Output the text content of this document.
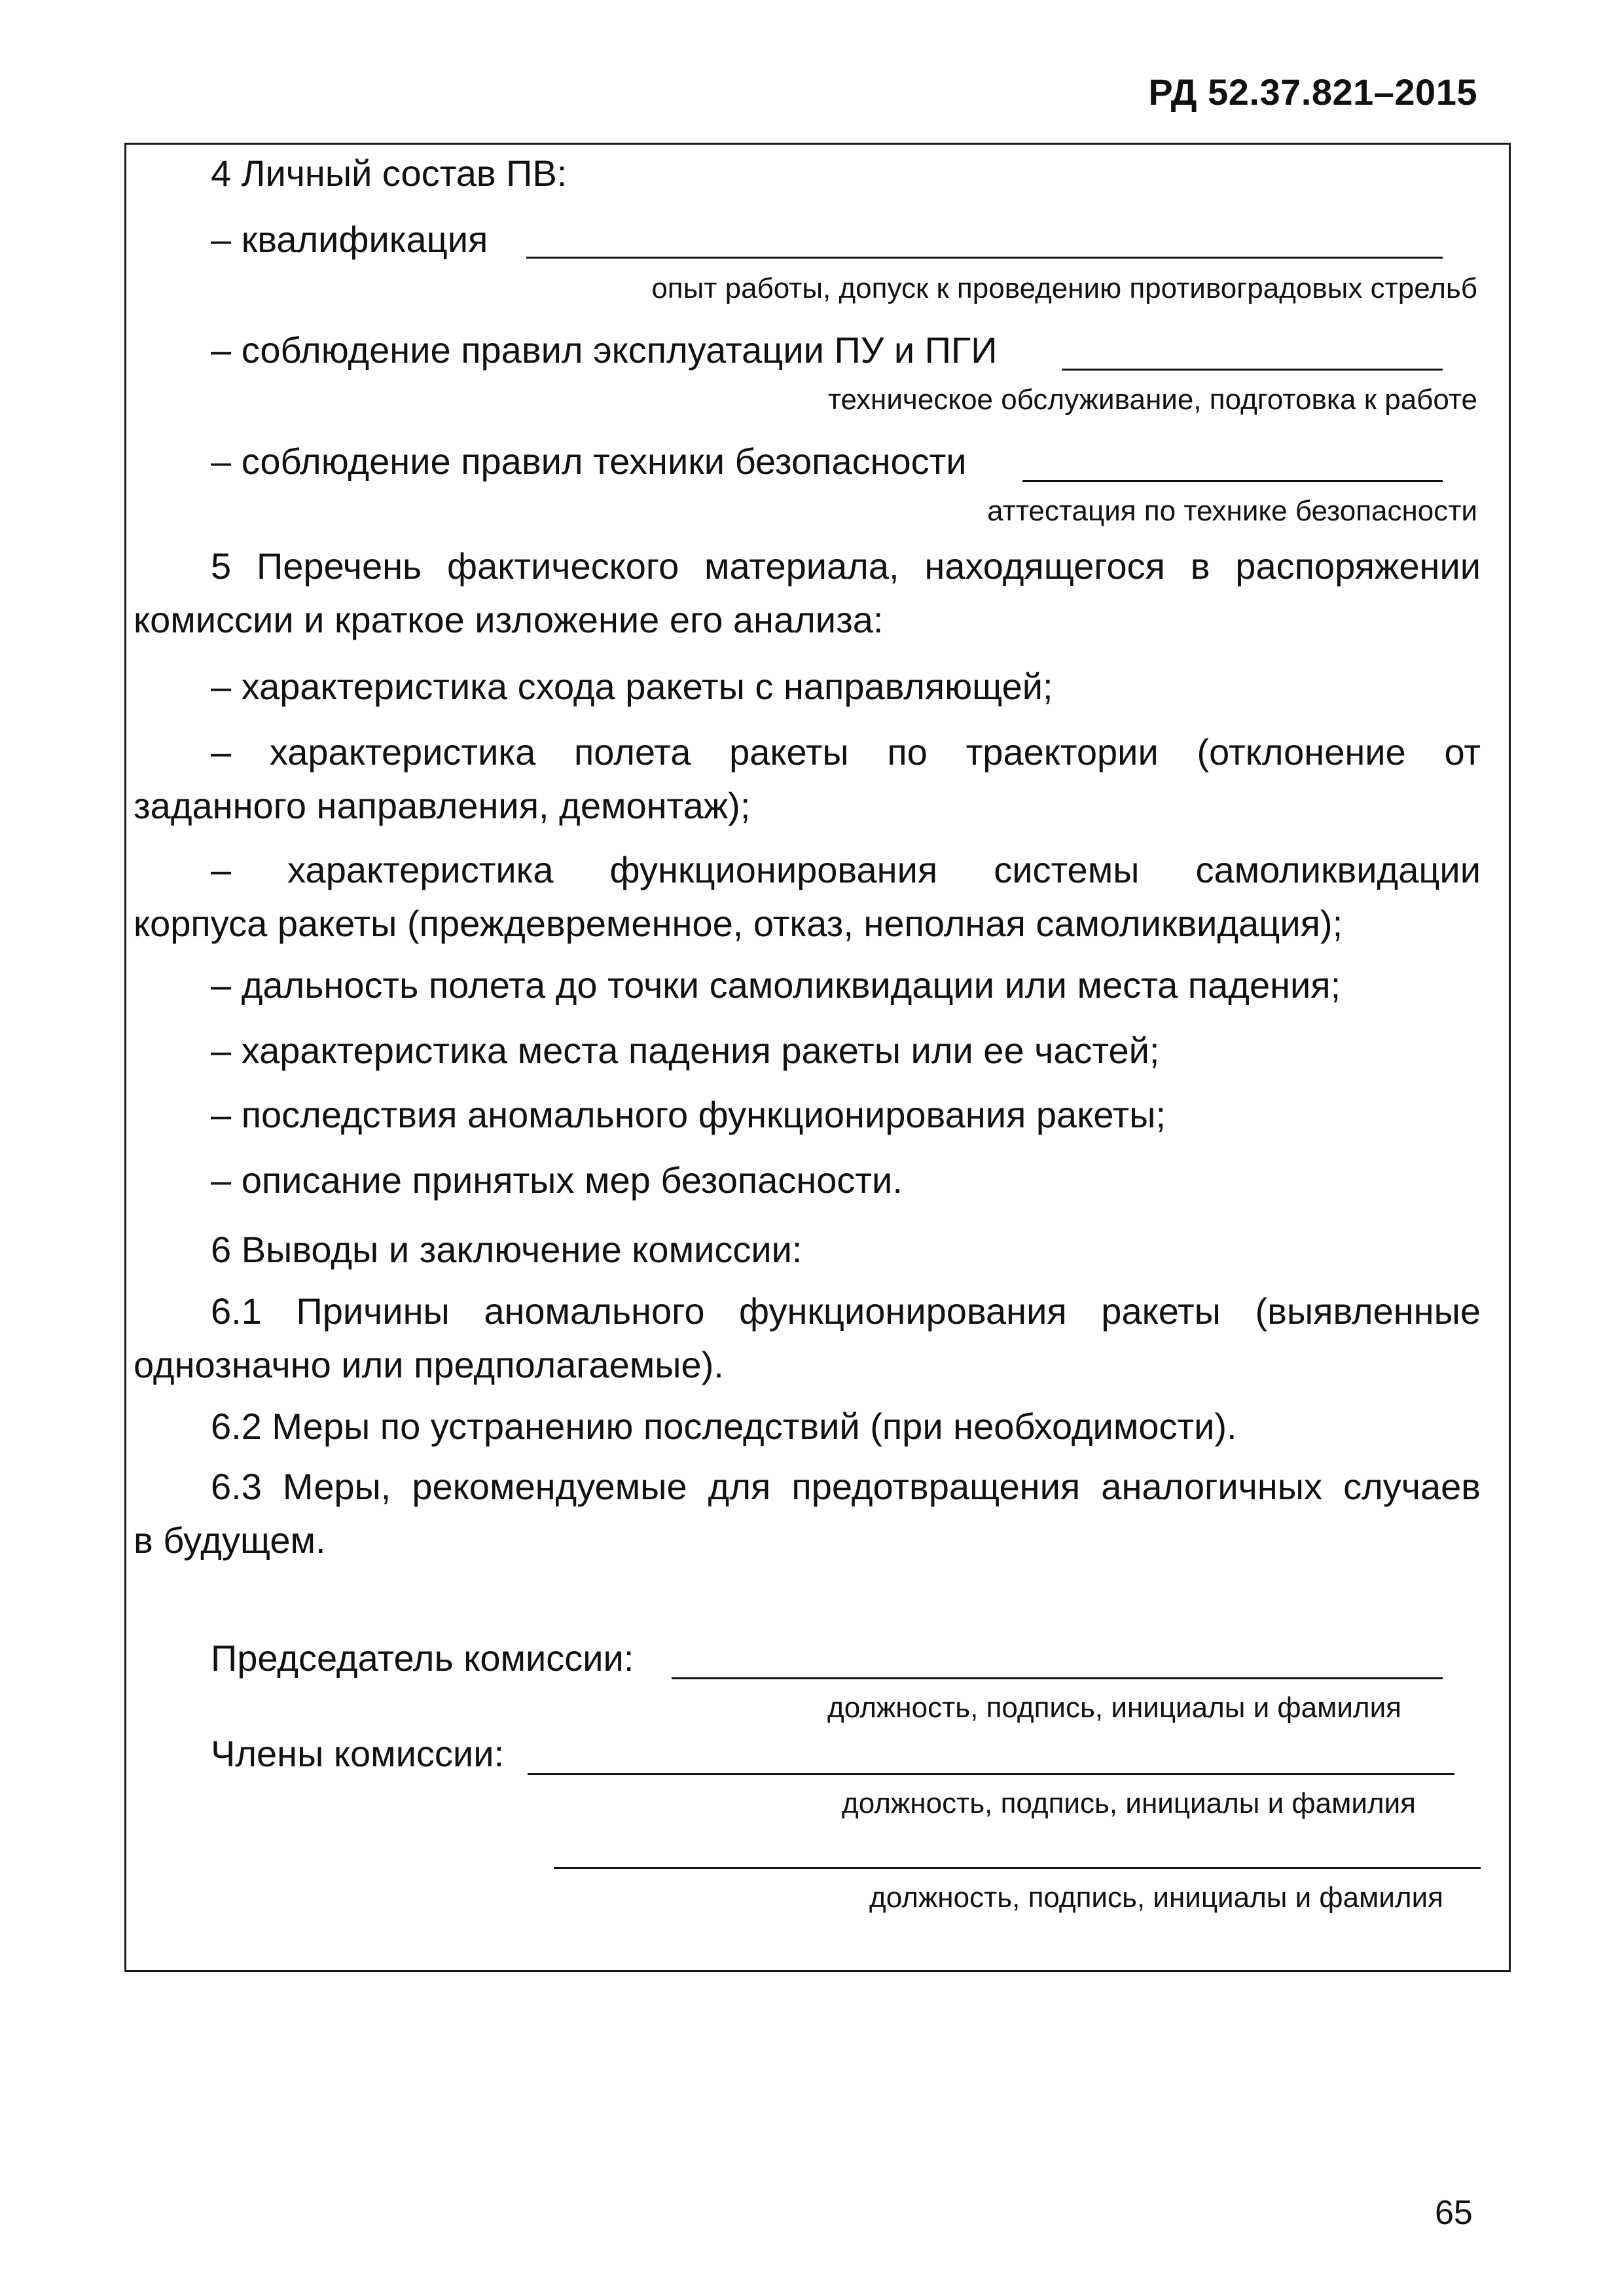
РД 52.37.821–2015
4 Личный состав ПВ:
– квалификация
опыт работы, допуск к проведению противоградовых стрельб
– соблюдение правил эксплуатации ПУ и ПГИ
техническое обслуживание, подготовка к работе
– соблюдение правил техники безопасности
аттестация по технике безопасности
5 Перечень фактического материала, находящегося в распоряжении
комиссии и краткое изложение его анализа:
– характеристика схода ракеты с направляющей;
– характеристика полета ракеты по траектории (отклонение от
заданного направления, демонтаж);
– характеристика функционирования системы самоликвидации
корпуса ракеты (преждевременное, отказ, неполная самоликвидация);
– дальность полета до точки самоликвидации или места падения;
– характеристика места падения ракеты или ее частей;
– последствия аномального функционирования ракеты;
– описание принятых мер безопасности.
6 Выводы и заключение комиссии:
6.1 Причины аномального функционирования ракеты (выявленные
однозначно или предполагаемые).
6.2 Меры по устранению последствий (при необходимости).
6.3 Меры, рекомендуемые для предотвращения аналогичных случаев
в будущем.
Председатель комиссии:
должность, подпись, инициалы и фамилия
Члены комиссии:
должность, подпись, инициалы и фамилия
должность, подпись, инициалы и фамилия
65
